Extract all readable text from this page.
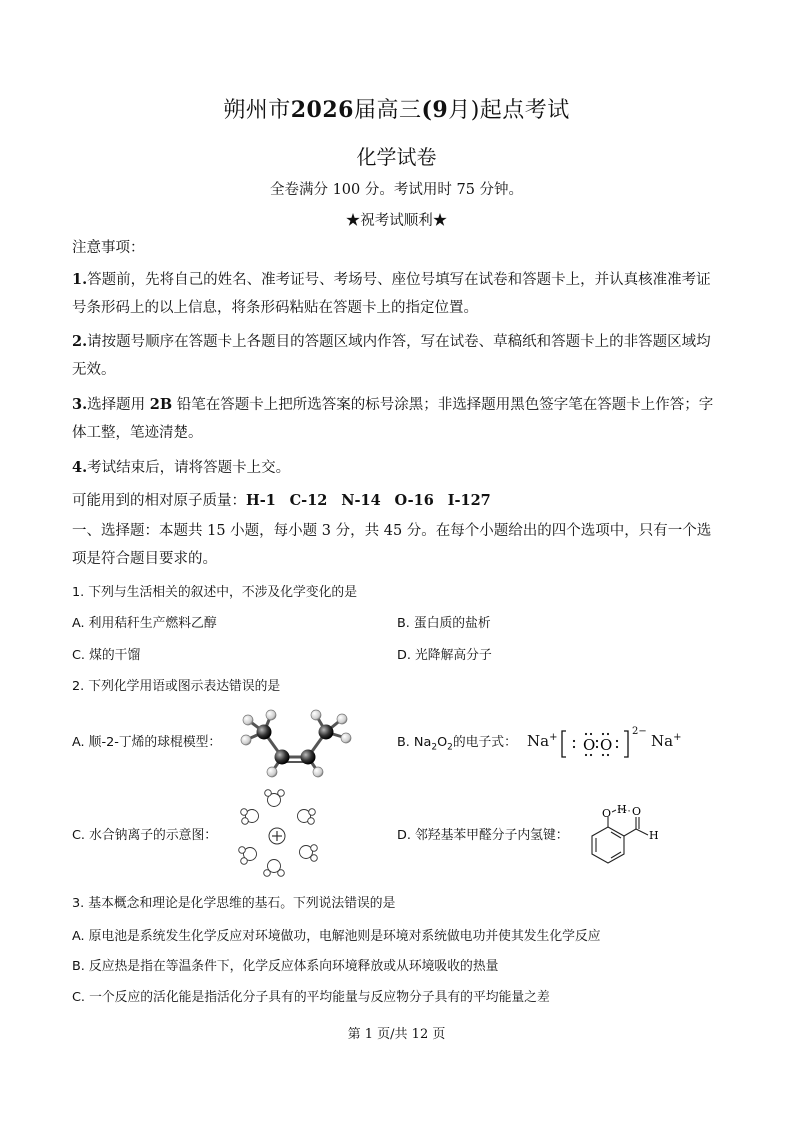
朔州市2026届高三(9月)起点考试
化学试卷
全卷满分 100 分。考试用时 75 分钟。
★祝考试顺利★

注意事项：

1.答题前，先将自己的姓名、准考证号、考场号、座位号填写在试卷和答题卡上，并认真核准准考证号条形码上的以上信息，将条形码粘贴在答题卡上的指定位置。

2.请按题号顺序在答题卡上各题目的答题区域内作答，写在试卷、草稿纸和答题卡上的非答题区域均无效。

3.选择题用 2B 铅笔在答题卡上把所选答案的标号涂黑；非选择题用黑色签字笔在答题卡上作答；字体工整，笔迹清楚。

4.考试结束后，请将答题卡上交。

可能用到的相对原子质量：H-1 C-12 N-14 O-16 I-127

一、选择题：本题共 15 小题，每小题 3 分，共 45 分。在每个小题给出的四个选项中，只有一个选项是符合题目要求的。

1. 下列与生活相关的叙述中，不涉及化学变化的是

A. 利用秸秆生产燃料乙醇	B. 蛋白质的盐析

C. 煤的干馏	D. 光降解高分子

2. 下列化学用语或图示表达错误的是

A. 顺-2-丁烯的球棍模型：	B. $Na_2O_2$的电子式： Na+ O O
2−
Na+

C. 水合钠离子的示意图：	D. 邻羟基苯甲醛分子内氢键：

O H O
H

3. 基本概念和理论是化学思维的基石。下列说法错误的是

A. 原电池是系统发生化学反应对环境做功，电解池则是环境对系统做电功并使其发生化学反应

B. 反应热是指在等温条件下，化学反应体系向环境释放或从环境吸收的热量

C. 一个反应的活化能是指活化分子具有的平均能量与反应物分子具有的平均能量之差

第 1 页/共 12 页
